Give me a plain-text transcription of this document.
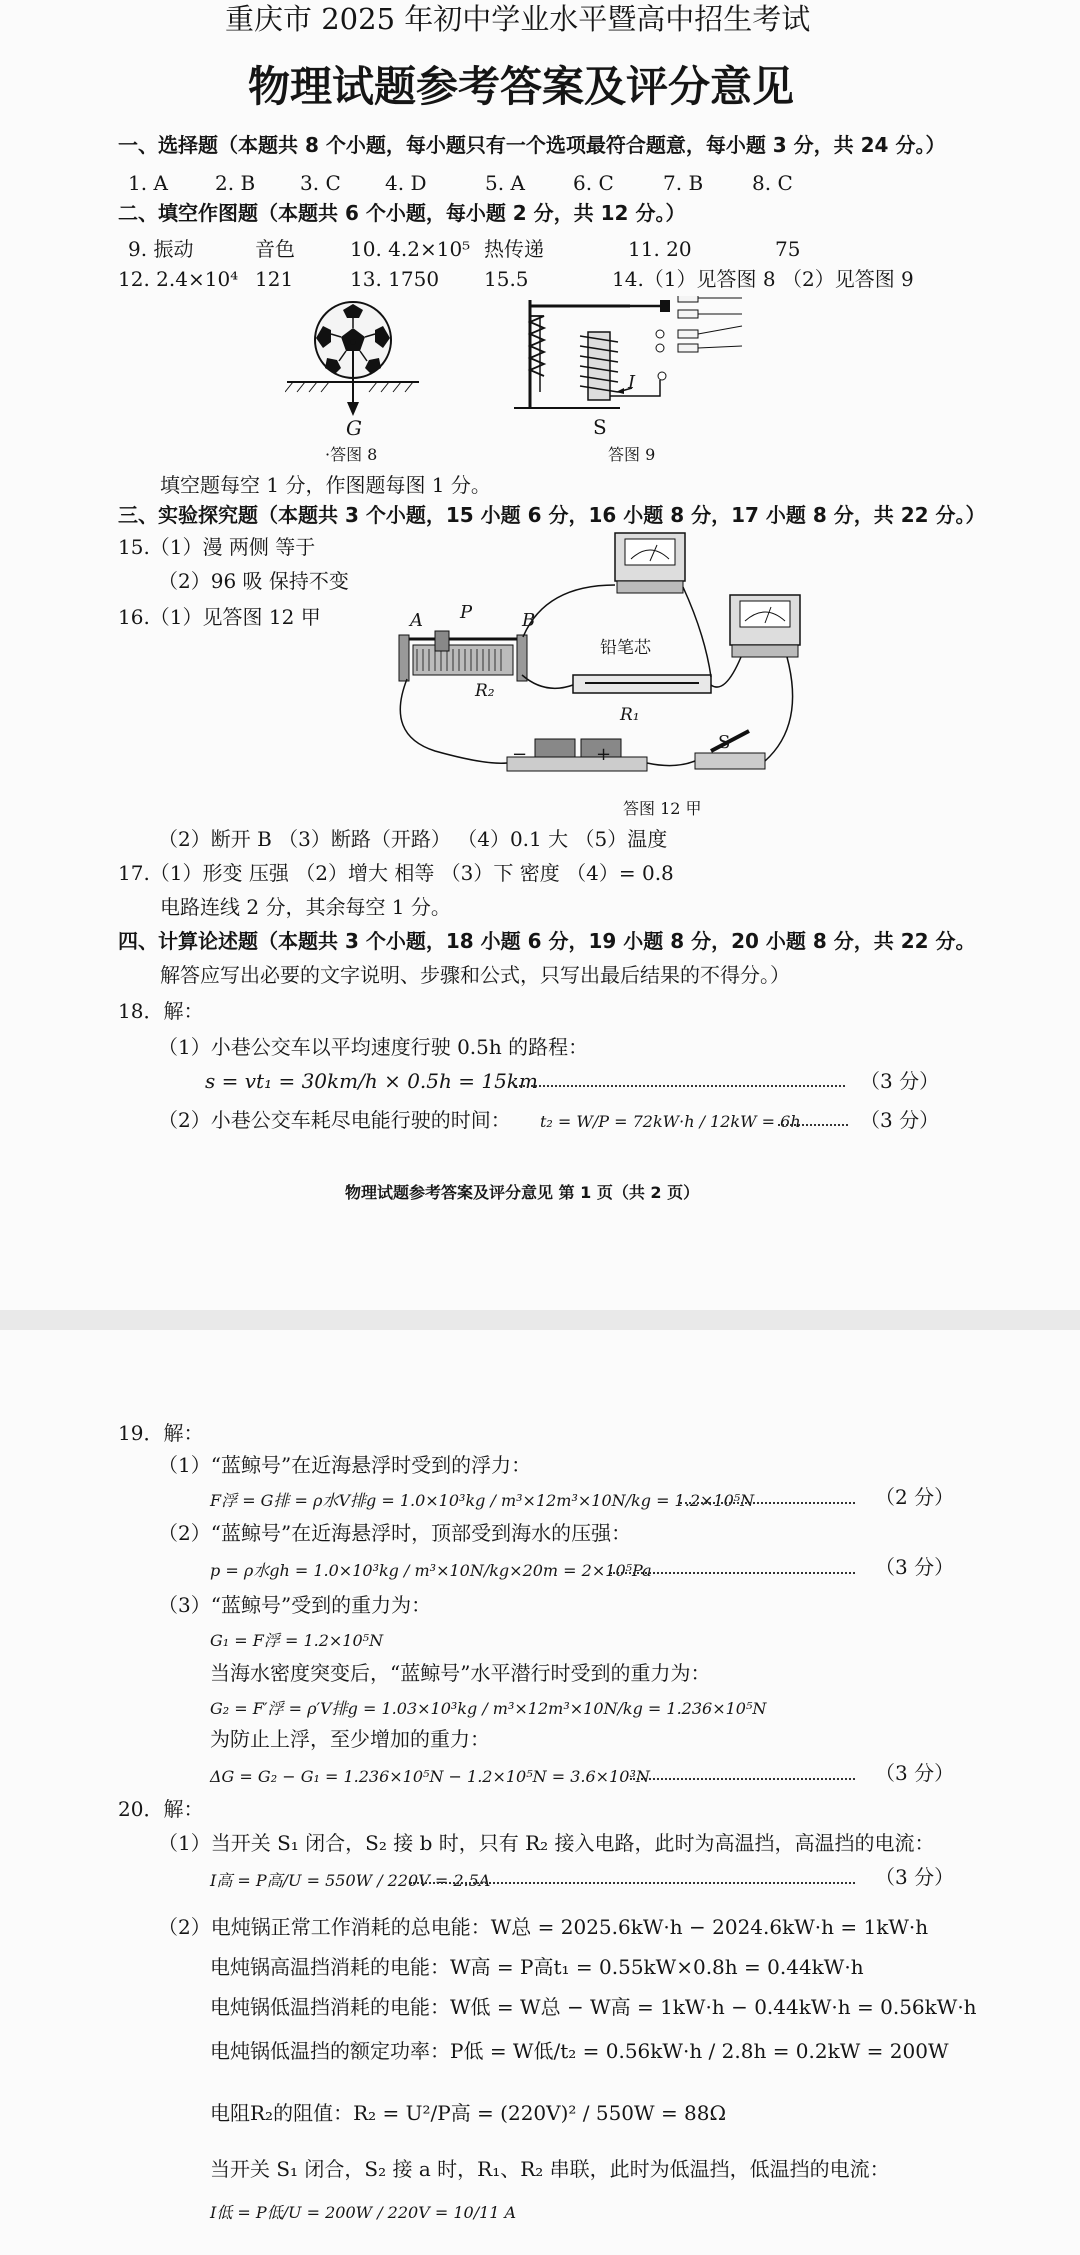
重庆市 2025 年初中学业水平暨高中招生考试
物理试题参考答案及评分意见
一、选择题（本题共 8 个小题，每小题只有一个选项最符合题意，每小题 3 分，共 24 分。）
1. A 2. B 3. C 4. D	5. A 6. C 7. B 8. C
二、填空作图题（本题共 6 个小题，每小题 2 分，共 12 分。）
9. 振动	音色	10. 4.2×10⁵ 热传递	11. 20	75
12. 2.4×10⁴ 121	13. 1750 15.5	14.（1）见答图 8 （2）见答图 9
G
·答图 8
I
S
答图 9
填空题每空 1 分，作图题每图 1 分。
三、实验探究题（本题共 3 个小题，15 小题 6 分，16 小题 8 分，17 小题 8 分，共 22 分。）
15.（1）漫 两侧 等于
（2）96 吸 保持不变
16.（1）见答图 12 甲	A P	B
铅笔芯
R₂
R₁
−	+
S
答图 12 甲
（2）断开 B （3）断路（开路） （4）0.1 大 （5）温度
17.（1）形变 压强 （2）增大 相等 （3）下 密度 （4）= 0.8
电路连线 2 分，其余每空 1 分。
四、计算论述题（本题共 3 个小题，18 小题 6 分，19 小题 8 分，20 小题 8 分，共 22 分。
解答应写出必要的文字说明、步骤和公式，只写出最后结果的不得分。）
18．解：
（1）小巷公交车以平均速度行驶 0.5h 的路程：
s = vt₁ = 30km/h × 0.5h = 15km	（3 分）
（2）小巷公交车耗尽电能行驶的时间： t₂ = W/P = 72kW·h / 12kW = 6h	（3 分）
物理试题参考答案及评分意见 第 1 页（共 2 页）
19．解：
（1）“蓝鲸号”在近海悬浮时受到的浮力：
F浮 = G排 = ρ水V排g = 1.0×10³kg / m³×12m³×10N/kg = 1.2×10⁵N	（2 分）
（2）“蓝鲸号”在近海悬浮时，顶部受到海水的压强：
p = ρ水gh = 1.0×10³kg / m³×10N/kg×20m = 2×10⁵Pa	（3 分）
（3）“蓝鲸号”受到的重力为：
G₁ = F浮 = 1.2×10⁵N
当海水密度突变后，“蓝鲸号”水平潜行时受到的重力为：
G₂ = F′浮 = ρ′V排g = 1.03×10³kg / m³×12m³×10N/kg = 1.236×10⁵N
为防止上浮，至少增加的重力：
ΔG = G₂ − G₁ = 1.236×10⁵N − 1.2×10⁵N = 3.6×10³N	（3 分）
20．解：
（1）当开关 S₁ 闭合，S₂ 接 b 时，只有 R₂ 接入电路，此时为高温挡，高温挡的电流：
I高 = P高/U = 550W / 220V = 2.5A	（3 分）
（2）电炖锅正常工作消耗的总电能：W总 = 2025.6kW·h − 2024.6kW·h = 1kW·h
电炖锅高温挡消耗的电能：W高 = P高t₁ = 0.55kW×0.8h = 0.44kW·h
电炖锅低温挡消耗的电能：W低 = W总 − W高 = 1kW·h − 0.44kW·h = 0.56kW·h
电炖锅低温挡的额定功率：P低 = W低/t₂ = 0.56kW·h / 2.8h = 0.2kW = 200W
电阻R₂的阻值：R₂ = U²/P高 = (220V)² / 550W = 88Ω
当开关 S₁ 闭合，S₂ 接 a 时，R₁、R₂ 串联，此时为低温挡，低温挡的电流：
I低 = P低/U = 200W / 220V = 10/11 A
